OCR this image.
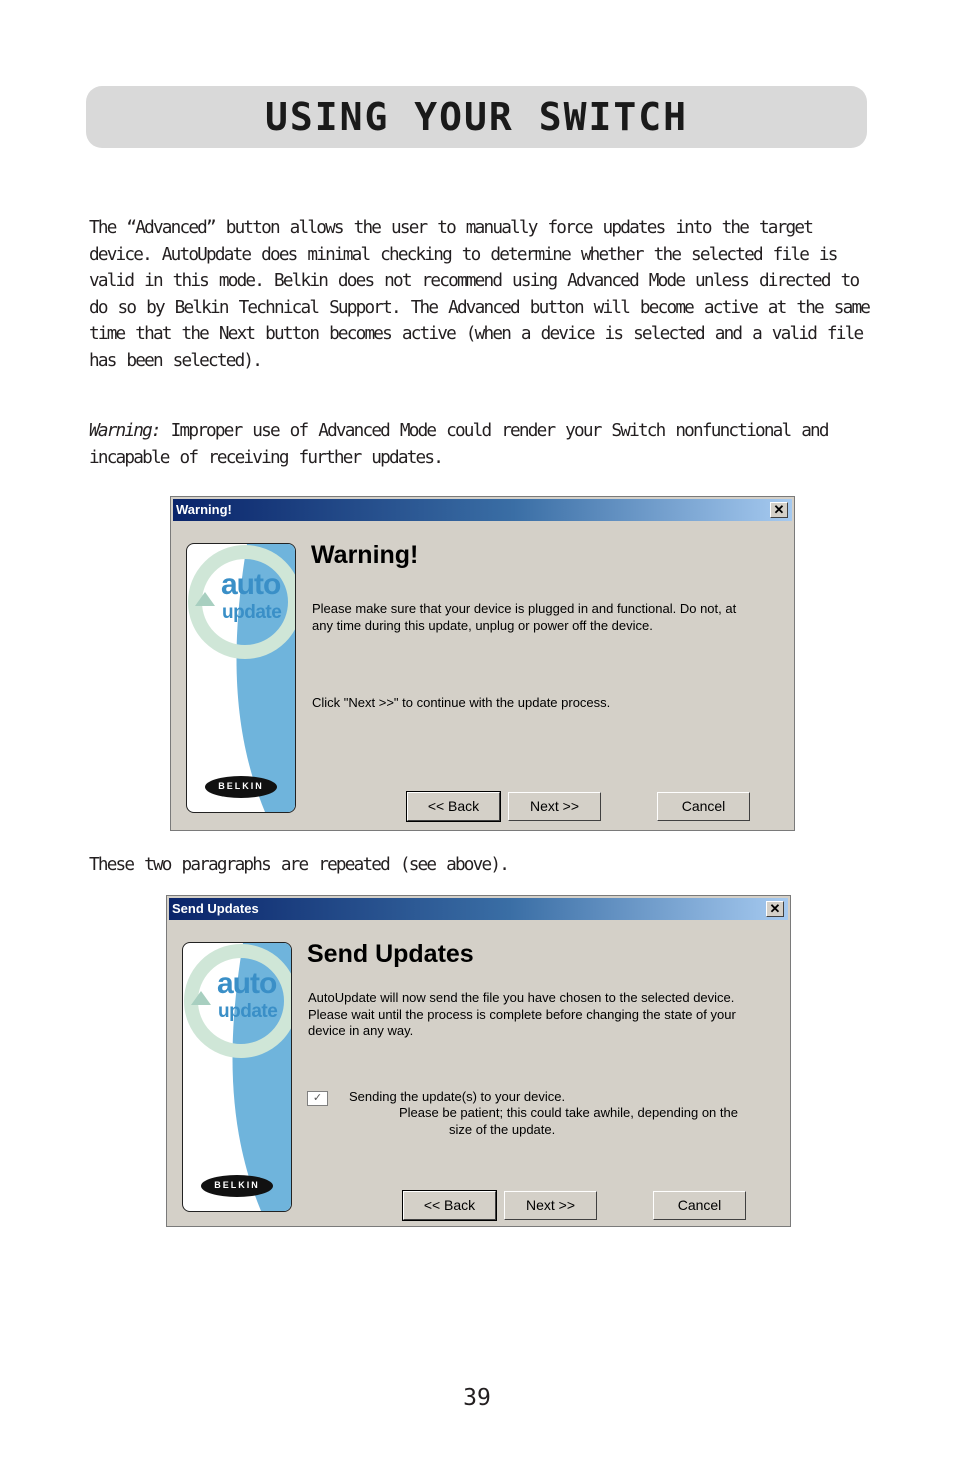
USING YOUR SWITCH
The “Advanced” button allows the user to manually force updates into the target device. AutoUpdate does minimal checking to determine whether the selected file is valid in this mode. Belkin does not recommend using Advanced Mode unless directed to do so by Belkin Technical Support. The Advanced button will become active at the same time that the Next button becomes active (when a device is selected and a valid file has been selected).
Warning: Improper use of Advanced Mode could render your Switch nonfunctional and incapable of receiving further updates.
Warning!	✕
auto
update
BELKIN
Warning!
Please make sure that your device is plugged in and functional. Do not, at any time during this update, unplug or power off the device.
Click "Next >>" to continue with the update process.
<< Back	Next >>	Cancel
These two paragraphs are repeated (see above).
Send Updates	✕
auto
update
BELKIN
Send Updates
AutoUpdate will now send the file you have chosen to the selected device. Please wait until the process is complete before changing the state of your device in any way.
✓	Sending the update(s) to your device.
Please be patient; this could take awhile, depending on the
size of the update.
<< Back	Next >>	Cancel
39
